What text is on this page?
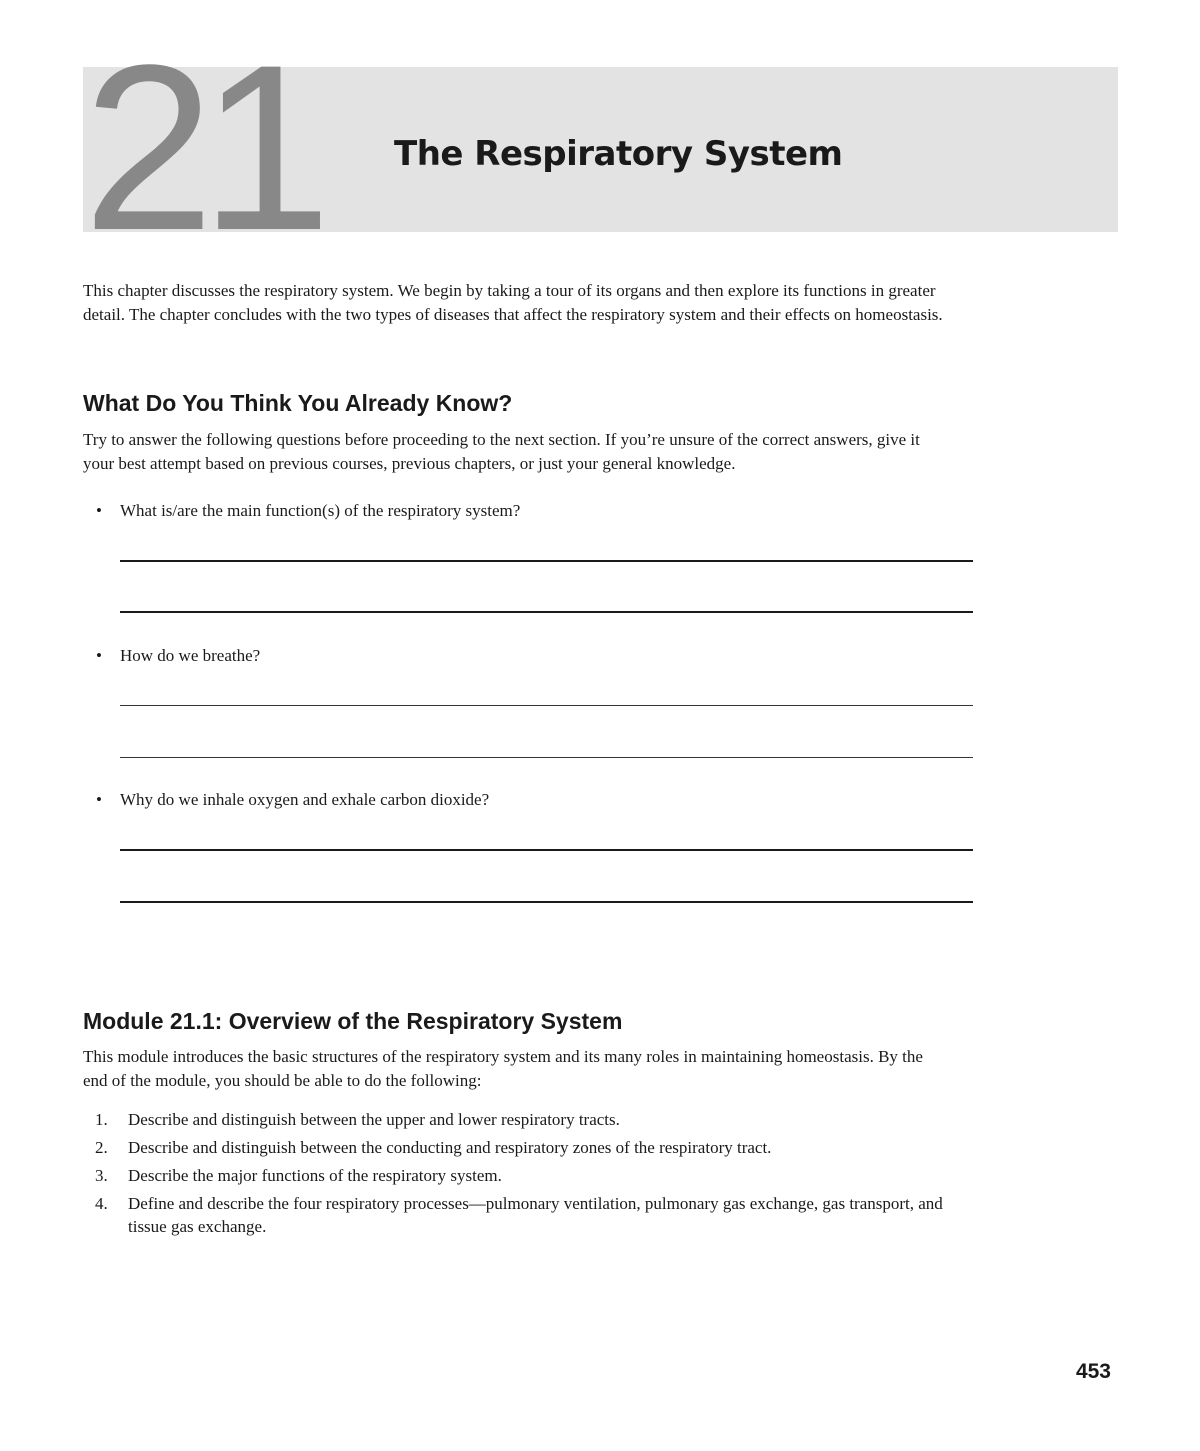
21 The Respiratory System

This chapter discusses the respiratory system. We begin by taking a tour of its organs and then explore its functions in greater detail. The chapter concludes with the two types of diseases that affect the respiratory system and their effects on homeostasis.

What Do You Think You Already Know?

Try to answer the following questions before proceeding to the next section. If you’re unsure of the correct answers, give it your best attempt based on previous courses, previous chapters, or just your general knowledge.

• What is/are the main function(s) of the respiratory system?
• How do we breathe?
• Why do we inhale oxygen and exhale carbon dioxide?
Module 21.1: Overview of the Respiratory System

This module introduces the basic structures of the respiratory system and its many roles in maintaining homeostasis. By the end of the module, you should be able to do the following:

1. Describe and distinguish between the upper and lower respiratory tracts.
2. Describe and distinguish between the conducting and respiratory zones of the respiratory tract.
3. Describe the major functions of the respiratory system.
4. Define and describe the four respiratory processes—pulmonary ventilation, pulmonary gas exchange, gas transport, and tissue gas exchange.
453
